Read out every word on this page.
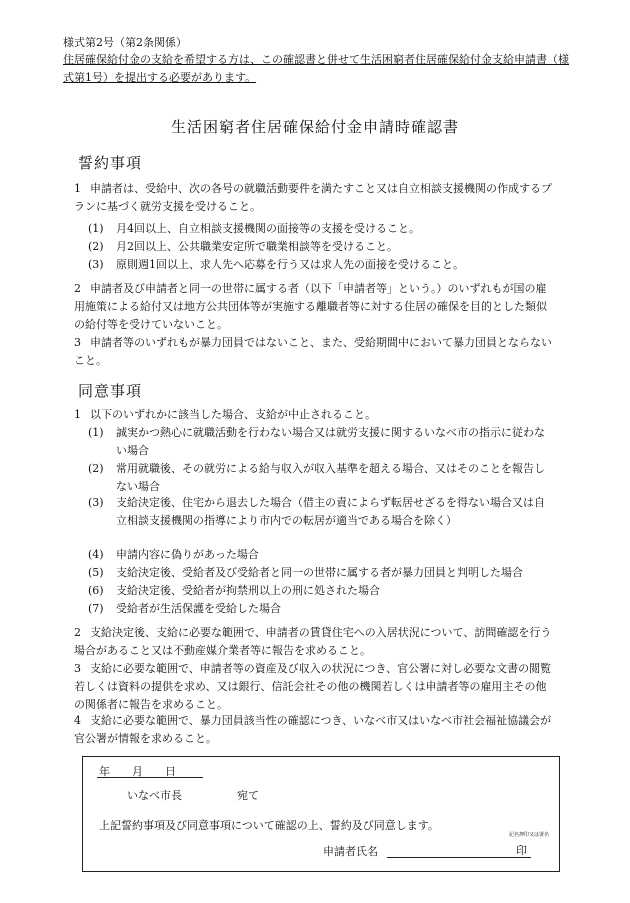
様式第2号（第2条関係）
住居確保給付金の支給を希望する方は、この確認書と併せて生活困窮者住居確保給付金支給申請書（様式第1号）を提出する必要があります。
生活困窮者住居確保給付金申請時確認書
誓約事項
1 申請者は、受給中、次の各号の就職活動要件を満たすこと又は自立相談支援機関の作成するプランに基づく就労支援を受けること。
(1)	月4回以上、自立相談支援機関の面接等の支援を受けること。
(2)	月2回以上、公共職業安定所で職業相談等を受けること。
(3)	原則週1回以上、求人先へ応募を行う又は求人先の面接を受けること。
2 申請者及び申請者と同一の世帯に属する者（以下「申請者等」という。）のいずれもが国の雇用施策による給付又は地方公共団体等が実施する離職者等に対する住居の確保を目的とした類似の給付等を受けていないこと。
3 申請者等のいずれもが暴力団員ではないこと、また、受給期間中において暴力団員とならないこと。
同意事項
1 以下のいずれかに該当した場合、支給が中止されること。
(1)	誠実かつ熱心に就職活動を行わない場合又は就労支援に関するいなべ市の指示に従わない場合
(2)	常用就職後、その就労による給与収入が収入基準を超える場合、又はそのことを報告しない場合
(3)	支給決定後、住宅から退去した場合（借主の責によらず転居せざるを得ない場合又は自立相談支援機関の指導により市内での転居が適当である場合を除く）
(4)	申請内容に偽りがあった場合
(5)	支給決定後、受給者及び受給者と同一の世帯に属する者が暴力団員と判明した場合
(6)	支給決定後、受給者が拘禁刑以上の刑に処された場合
(7)	受給者が生活保護を受給した場合
2 支給決定後、支給に必要な範囲で、申請者の賃貸住宅への入居状況について、訪問確認を行う場合があること又は不動産媒介業者等に報告を求めること。
3 支給に必要な範囲で、申請者等の資産及び収入の状況につき、官公署に対し必要な文書の閲覧若しくは資料の提供を求め、又は銀行、信託会社その他の機関若しくは申請者等の雇用主その他の関係者に報告を求めること。
4 支給に必要な範囲で、暴力団員該当性の確認につき、いなべ市又はいなべ市社会福祉協議会が官公署が情報を求めること。
年　　月　　日
いなべ市長　　　　　宛て
上記誓約事項及び同意事項について確認の上、誓約及び同意します。
記名押印又は署名
申請者氏名	印
